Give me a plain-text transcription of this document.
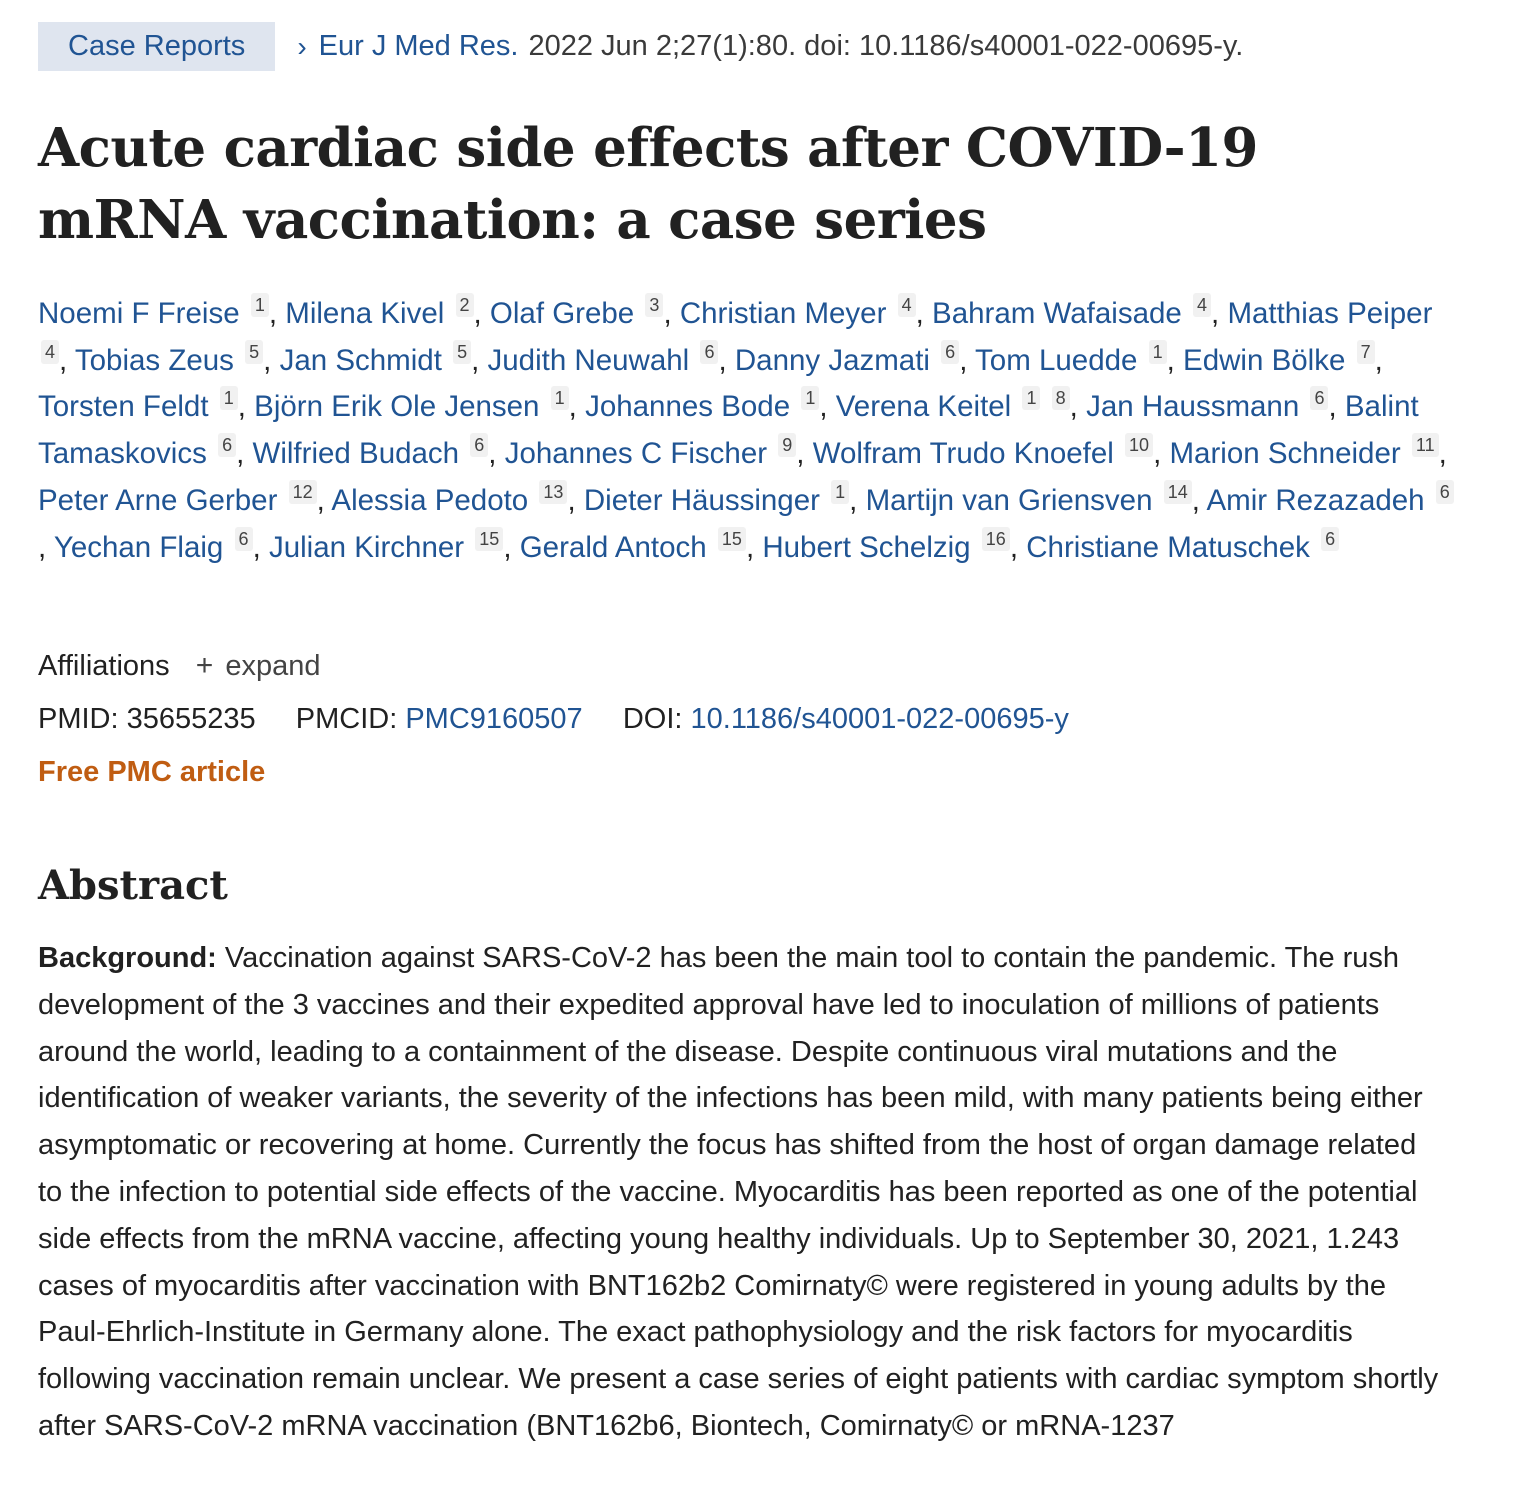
Case Reports	› Eur J Med Res. 2022 Jun 2;27(1):80. doi: 10.1186/s40001-022-00695-y.
Acute cardiac side effects after COVID-19 mRNA vaccination: a case series
Noemi F Freise 1 , Milena Kivel 2 , Olaf Grebe 3 , Christian Meyer 4 , Bahram Wafaisade 4 , Matthias Peiper 4 , Tobias Zeus 5 , Jan Schmidt 5 , Judith Neuwahl 6 , Danny Jazmati 6 , Tom Luedde 1 , Edwin Bölke 7 , Torsten Feldt 1 , Björn Erik Ole Jensen 1 , Johannes Bode 1 , Verena Keitel 1 8 , Jan Haussmann 6 , Balint Tamaskovics 6 , Wilfried Budach 6 , Johannes C Fischer 9 , Wolfram Trudo Knoefel 10 , Marion Schneider 11 , Peter Arne Gerber 12 , Alessia Pedoto 13 , Dieter Häussinger 1 , Martijn van Griensven 14 , Amir Rezazadeh 6, Yechan Flaig 6 , Julian Kirchner 15 , Gerald Antoch 15 , Hubert Schelzig 16 , Christiane Matuschek 6
Affiliations + expand
PMID: 35655235 PMCID: PMC9160507 DOI: 10.1186/s40001-022-00695-y
Free PMC article
Abstract

Background: Vaccination against SARS-CoV-2 has been the main tool to contain the pandemic. The rush development of the 3 vaccines and their expedited approval have led to inoculation of millions of patients around the world, leading to a containment of the disease. Despite continuous viral mutations and the identification of weaker variants, the severity of the infections has been mild, with many patients being either asymptomatic or recovering at home. Currently the focus has shifted from the host of organ damage related to the infection to potential side effects of the vaccine. Myocarditis has been reported as one of the potential side effects from the mRNA vaccine, affecting young healthy individuals. Up to September 30, 2021, 1.243 cases of myocarditis after vaccination with BNT162b2 Comirnaty© were registered in young adults by the Paul-Ehrlich-Institute in Germany alone. The exact pathophysiology and the risk factors for myocarditis following vaccination remain unclear. We present a case series of eight patients with cardiac symptom shortly after SARS-CoV-2 mRNA vaccination (BNT162b6, Biontech, Comirnaty© or mRNA-1237
